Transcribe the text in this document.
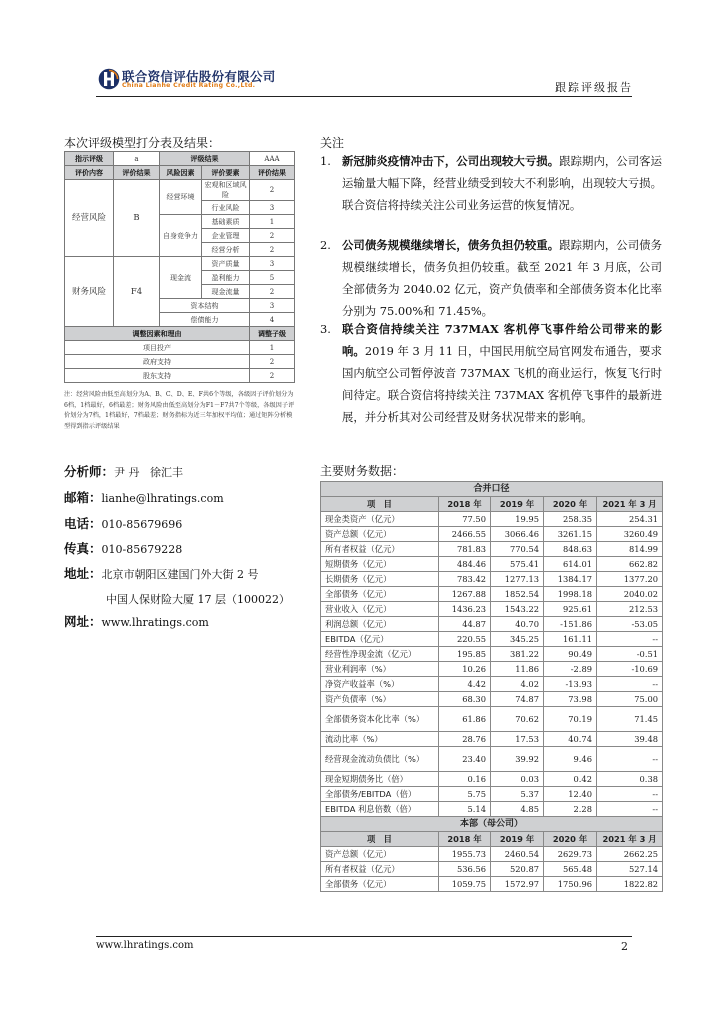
联合资信评估股份有限公司
China Lianhe Credit Rating Co.,Ltd.	跟踪评级报告
本次评级模型打分表及结果：
指示评级	a	评级结果		AAA
评价内容	评价结果	风险因素	评价要素	评价结果
经营风险	B	经营环境	宏观和区域风险	2

			行业风险	3
		自身竞争力	基础素质	1
			企业管理	2
			经营分析	2
财务风险	F4	现金流	资产质量	3
			盈利能力	5
			现金流量	2
		资本结构		3
		偿债能力		4
调整因素和理由				调整子级
项目投产				1
政府支持				2
股东支持				2
注：经营风险由低至高划分为A、B、C、D、E、F共6个等级，各级因子评价划分为6档，1档最好，6档最差；财务风险由低至高划分为F1－F7共7个等级，各级因子评价划分为7档，1档最好，7档最差；财务指标为近三年加权平均值；通过矩阵分析模型得到指示评级结果
关注
1. 新冠肺炎疫情冲击下，公司出现较大亏损。跟踪期内，公司客运运输量大幅下降，经营业绩受到较大不利影响，出现较大亏损。联合资信将持续关注公司业务运营的恢复情况。
2. 公司债务规模继续增长，债务负担仍较重。跟踪期内，公司债务规模继续增长，债务负担仍较重。截至 2021 年 3 月底，公司全部债务为 2040.02 亿元，资产负债率和全部债务资本化比率分别为 75.00%和 71.45%。
3. 联合资信持续关注 737MAX 客机停飞事件给公司带来的影响。2019 年 3 月 11 日，中国民用航空局官网发布通告，要求国内航空公司暂停波音 737MAX 飞机的商业运行，恢复飞行时间待定。联合资信将持续关注 737MAX 客机停飞事件的最新进展，并分析其对公司经营及财务状况带来的影响。
分析师：尹 丹   徐汇丰
邮箱：lianhe@lhratings.com
电话：010-85679696
传真：010-85679228
地址：北京市朝阳区建国门外大街 2 号
中国人保财险大厦 17 层（100022）
网址：www.lhratings.com
主要财务数据：
合并口径				
项　目	2018 年	2019 年	2020 年	2021 年 3 月
现金类资产（亿元）	77.50	19.95	258.35	254.31
资产总额（亿元）	2466.55	3066.46	3261.15	3260.49
所有者权益（亿元）	781.83	770.54	848.63	814.99
短期债务（亿元）	484.46	575.41	614.01	662.82
长期债务（亿元）	783.42	1277.13	1384.17	1377.20
全部债务（亿元）	1267.88	1852.54	1998.18	2040.02
营业收入（亿元）	1436.23	1543.22	925.61	212.53
利润总额（亿元）	44.87	40.70	-151.86	-53.05
EBITDA（亿元）	220.55	345.25	161.11	--
经营性净现金流（亿元）	195.85	381.22	90.49	-0.51
营业利润率（%）	10.26	11.86	-2.89	-10.69
净资产收益率（%）	4.42	4.02	-13.93	--
资产负债率（%）	68.30	74.87	73.98	75.00
全部债务资本化比率（%）	61.86	70.62	70.19	71.45
流动比率（%）	28.76	17.53	40.74	39.48
经营现金流动负债比（%）	23.40	39.92	9.46	--
现金短期债务比（倍）	0.16	0.03	0.42	0.38
全部债务/EBITDA（倍）	5.75	5.37	12.40	--
EBITDA 利息倍数（倍）	5.14	4.85	2.28	--
本部（母公司）				
项　目	2018 年	2019 年	2020 年	2021 年 3 月
资产总额（亿元）	1955.73	2460.54	2629.73	2662.25
所有者权益（亿元）	536.56	520.87	565.48	527.14
全部债务（亿元）	1059.75	1572.97	1750.96	1822.82
www.lhratings.com	2
